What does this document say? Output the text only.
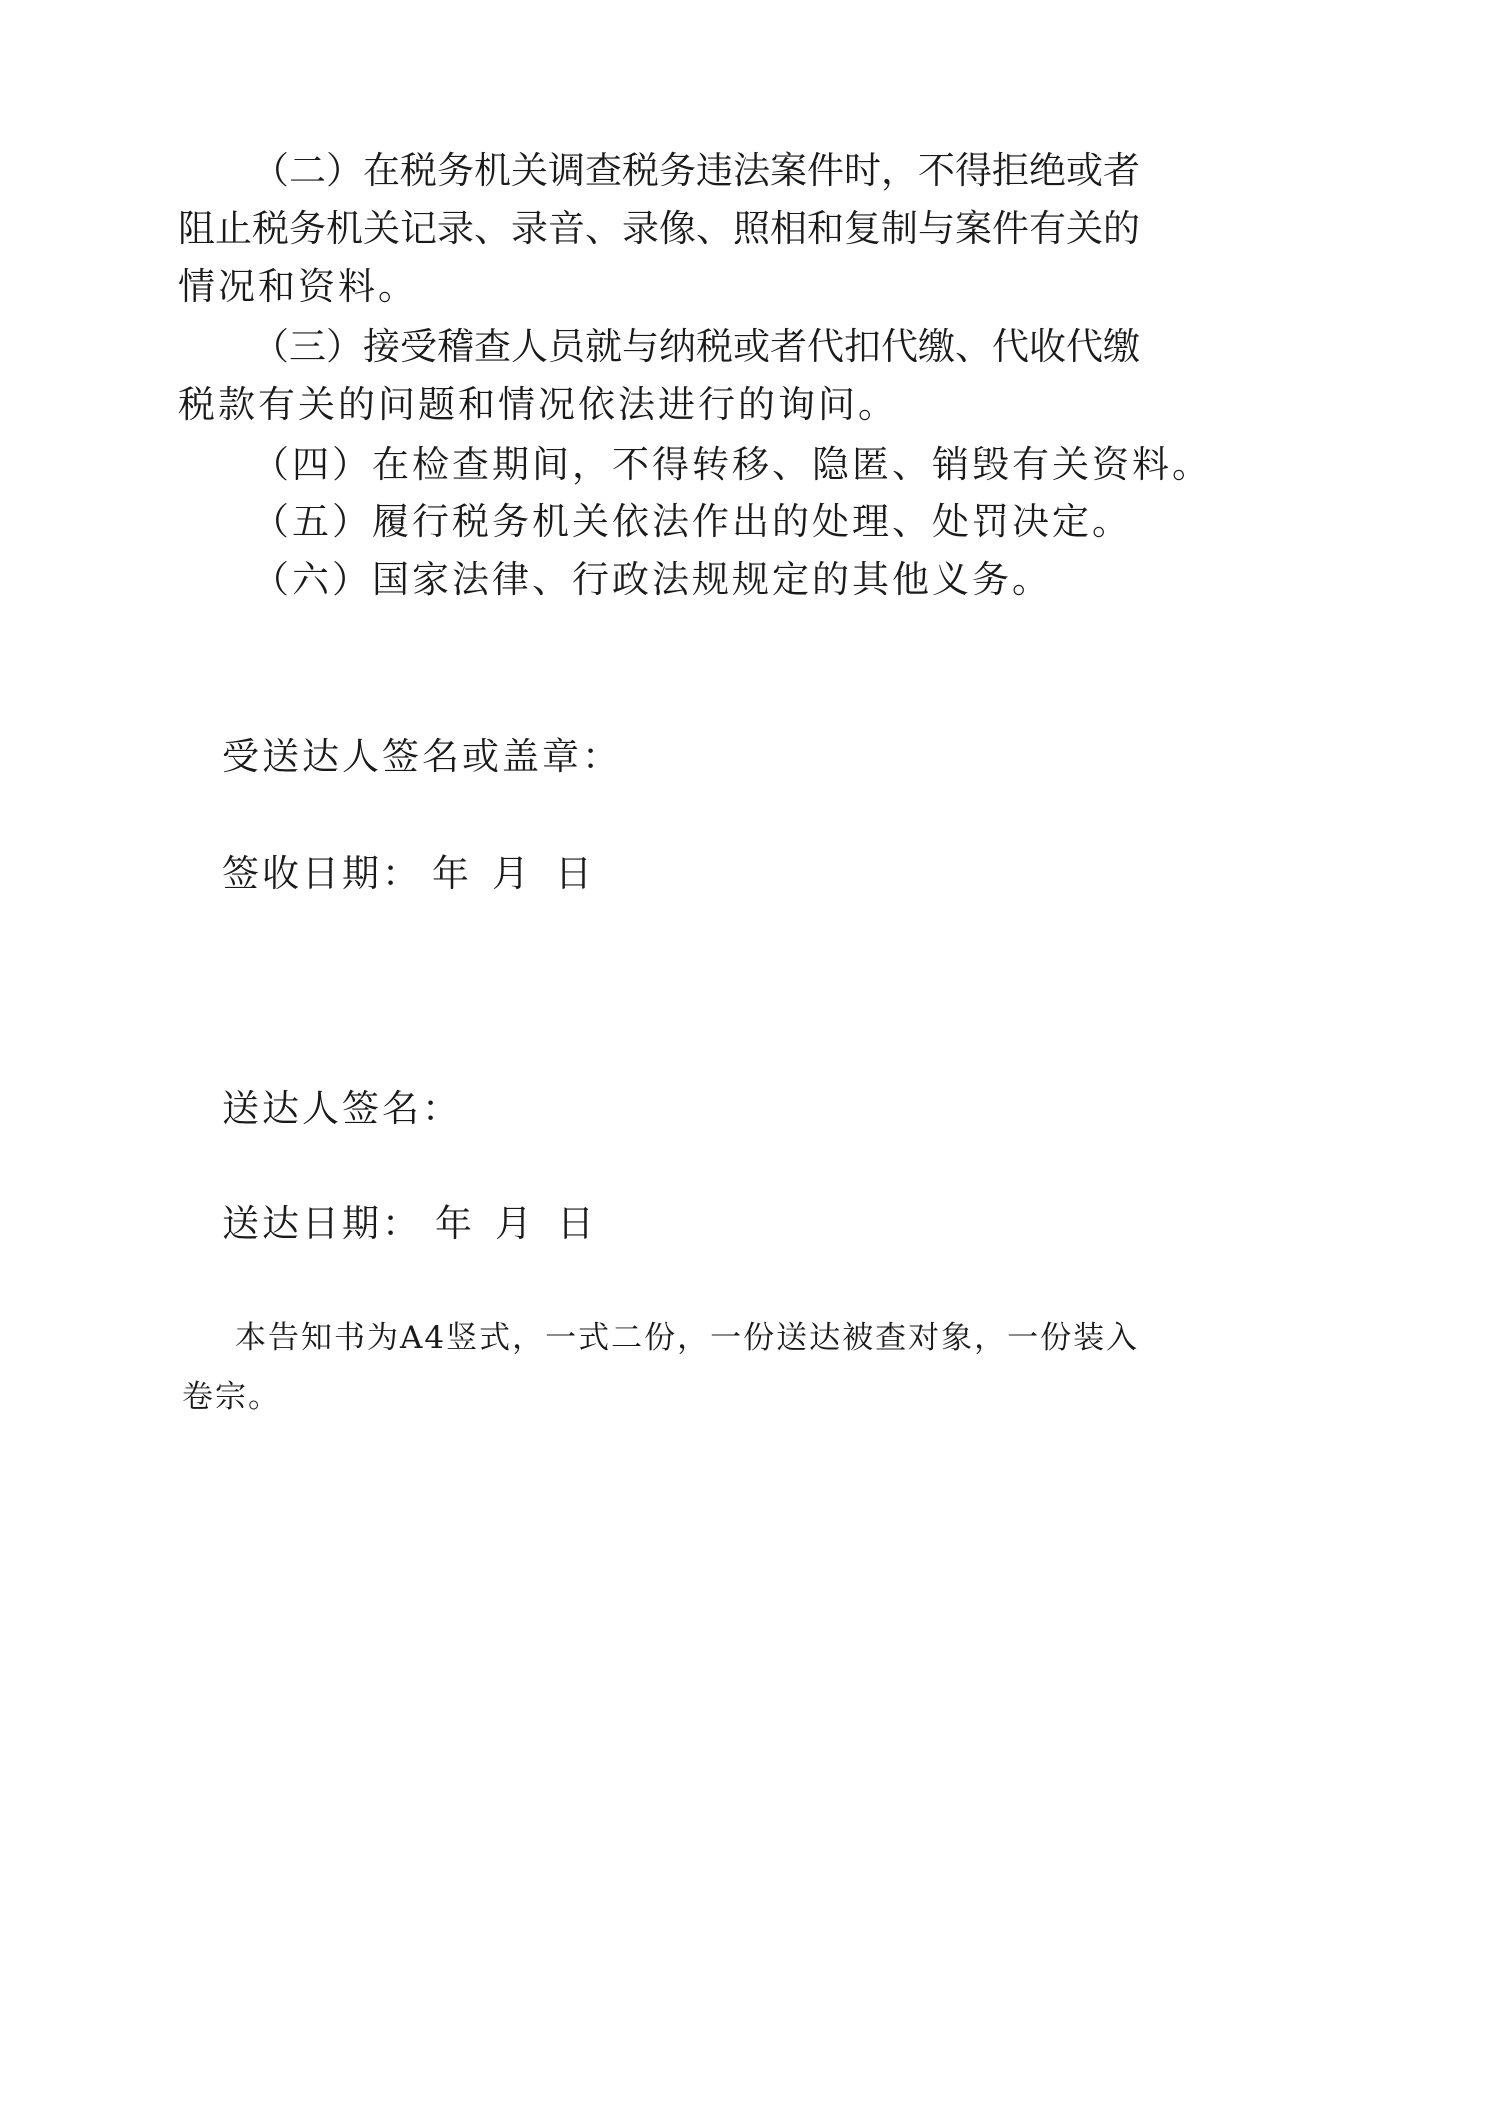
（二）在税务机关调查税务违法案件时，不得拒绝或者
阻止税务机关记录、录音、录像、照相和复制与案件有关的
情况和资料。
（三）接受稽查人员就与纳税或者代扣代缴、代收代缴
税款有关的问题和情况依法进行的询问。
（四）在检查期间，不得转移、隐匿、销毁有关资料。
（五）履行税务机关依法作出的处理、处罚决定。
（六）国家法律、行政法规规定的其他义务。
受送达人签名或盖章：
签收日期： 年 月 日
送达人签名：
送达日期： 年 月 日
本告知书为A4竖式，一式二份，一份送达被查对象，一份装入
卷宗。
